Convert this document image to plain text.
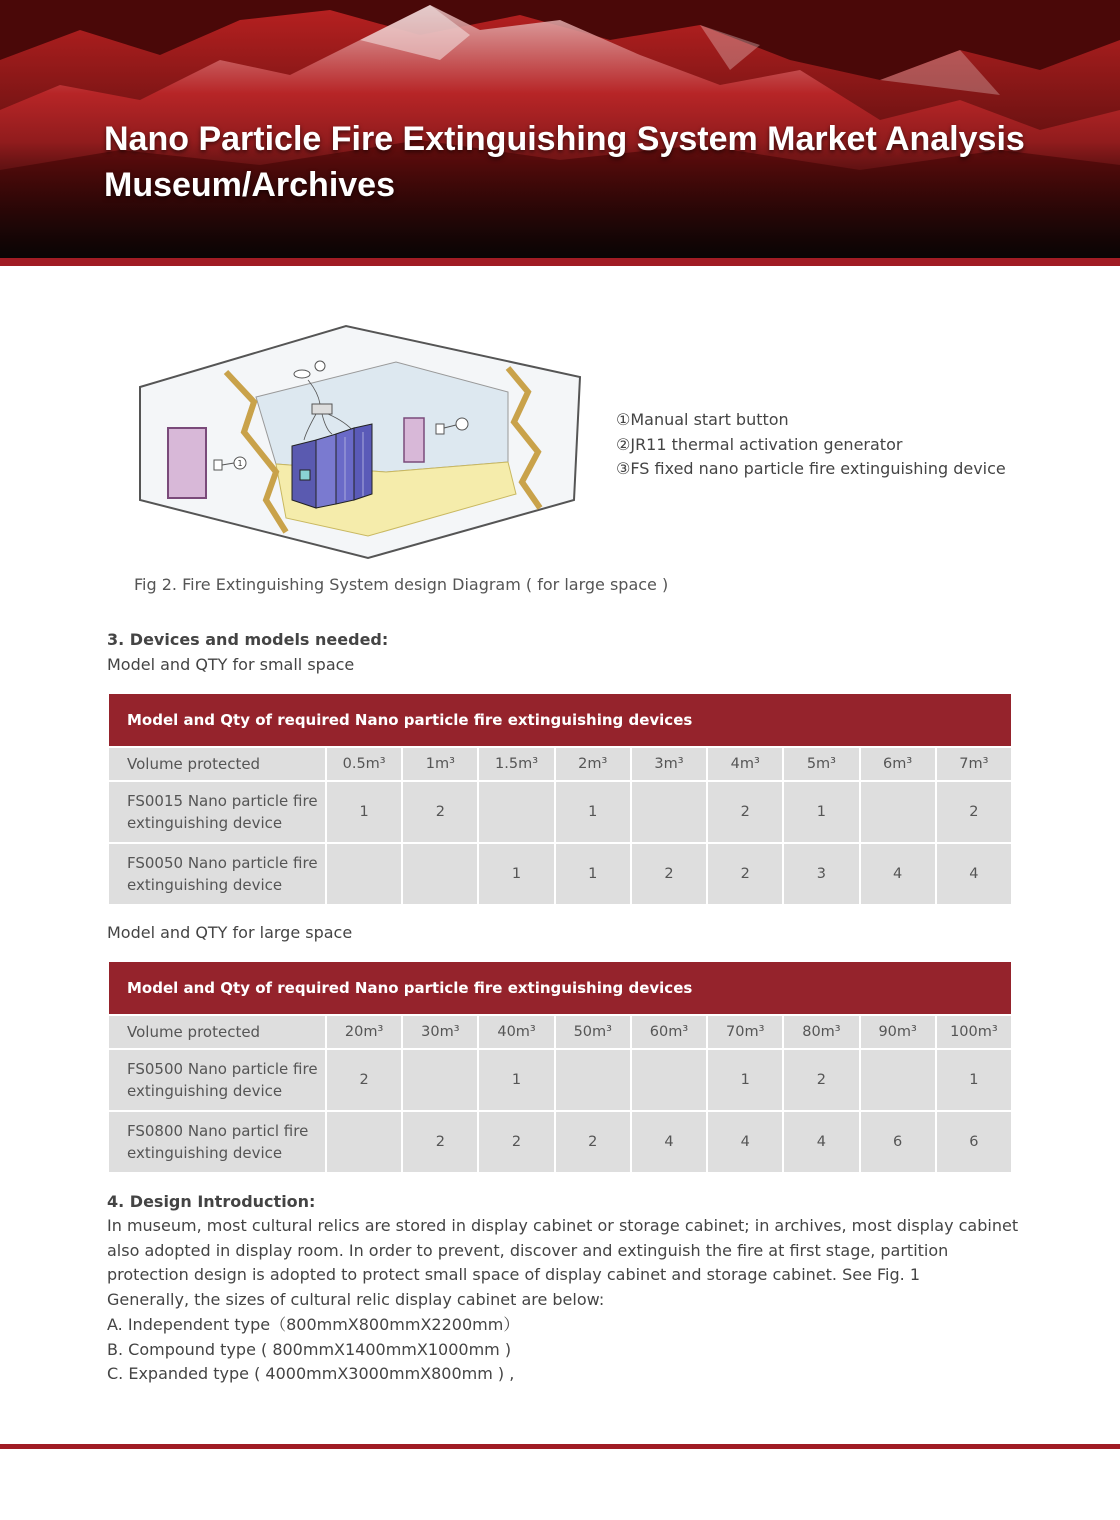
Nano Particle Fire Extinguishing System Market Analysis
Museum/Archives
1
①Manual start button
②JR11 thermal activation generator
③FS fixed nano particle fire extinguishing device
Fig 2. Fire Extinguishing System design Diagram ( for large space )
3. Devices and models needed:
Model and QTY for small space
Model and Qty of required Nano particle fire extinguishing devices									
Volume protected	0.5m³	1m³	1.5m³	2m³	3m³	4m³	5m³	6m³	7m³
FS0015 Nano particle fire
extinguishing device	1	2		1		2	1		2
FS0050 Nano particle fire
extinguishing device			1	1	2	2	3	4	4
Model and QTY for large space
Model and Qty of required Nano particle fire extinguishing devices									
Volume protected	20m³	30m³	40m³	50m³	60m³	70m³	80m³	90m³	100m³
FS0500 Nano particle fire
extinguishing device	2		1			1	2		1
FS0800 Nano particl fire
extinguishing device		2	2	2	4	4	4	6	6
4. Design Introduction:

In museum, most cultural relics are stored in display cabinet or storage cabinet; in archives, most display cabinet also adopted in display room. In order to prevent, discover and extinguish the fire at first stage, partition protection design is adopted to protect small space of display cabinet and storage cabinet. See Fig. 1

Generally, the sizes of cultural relic display cabinet are below:

A. Independent type（800mmX800mmX2200mm）

B. Compound type ( 800mmX1400mmX1000mm )

C. Expanded type ( 4000mmX3000mmX800mm ) ,
